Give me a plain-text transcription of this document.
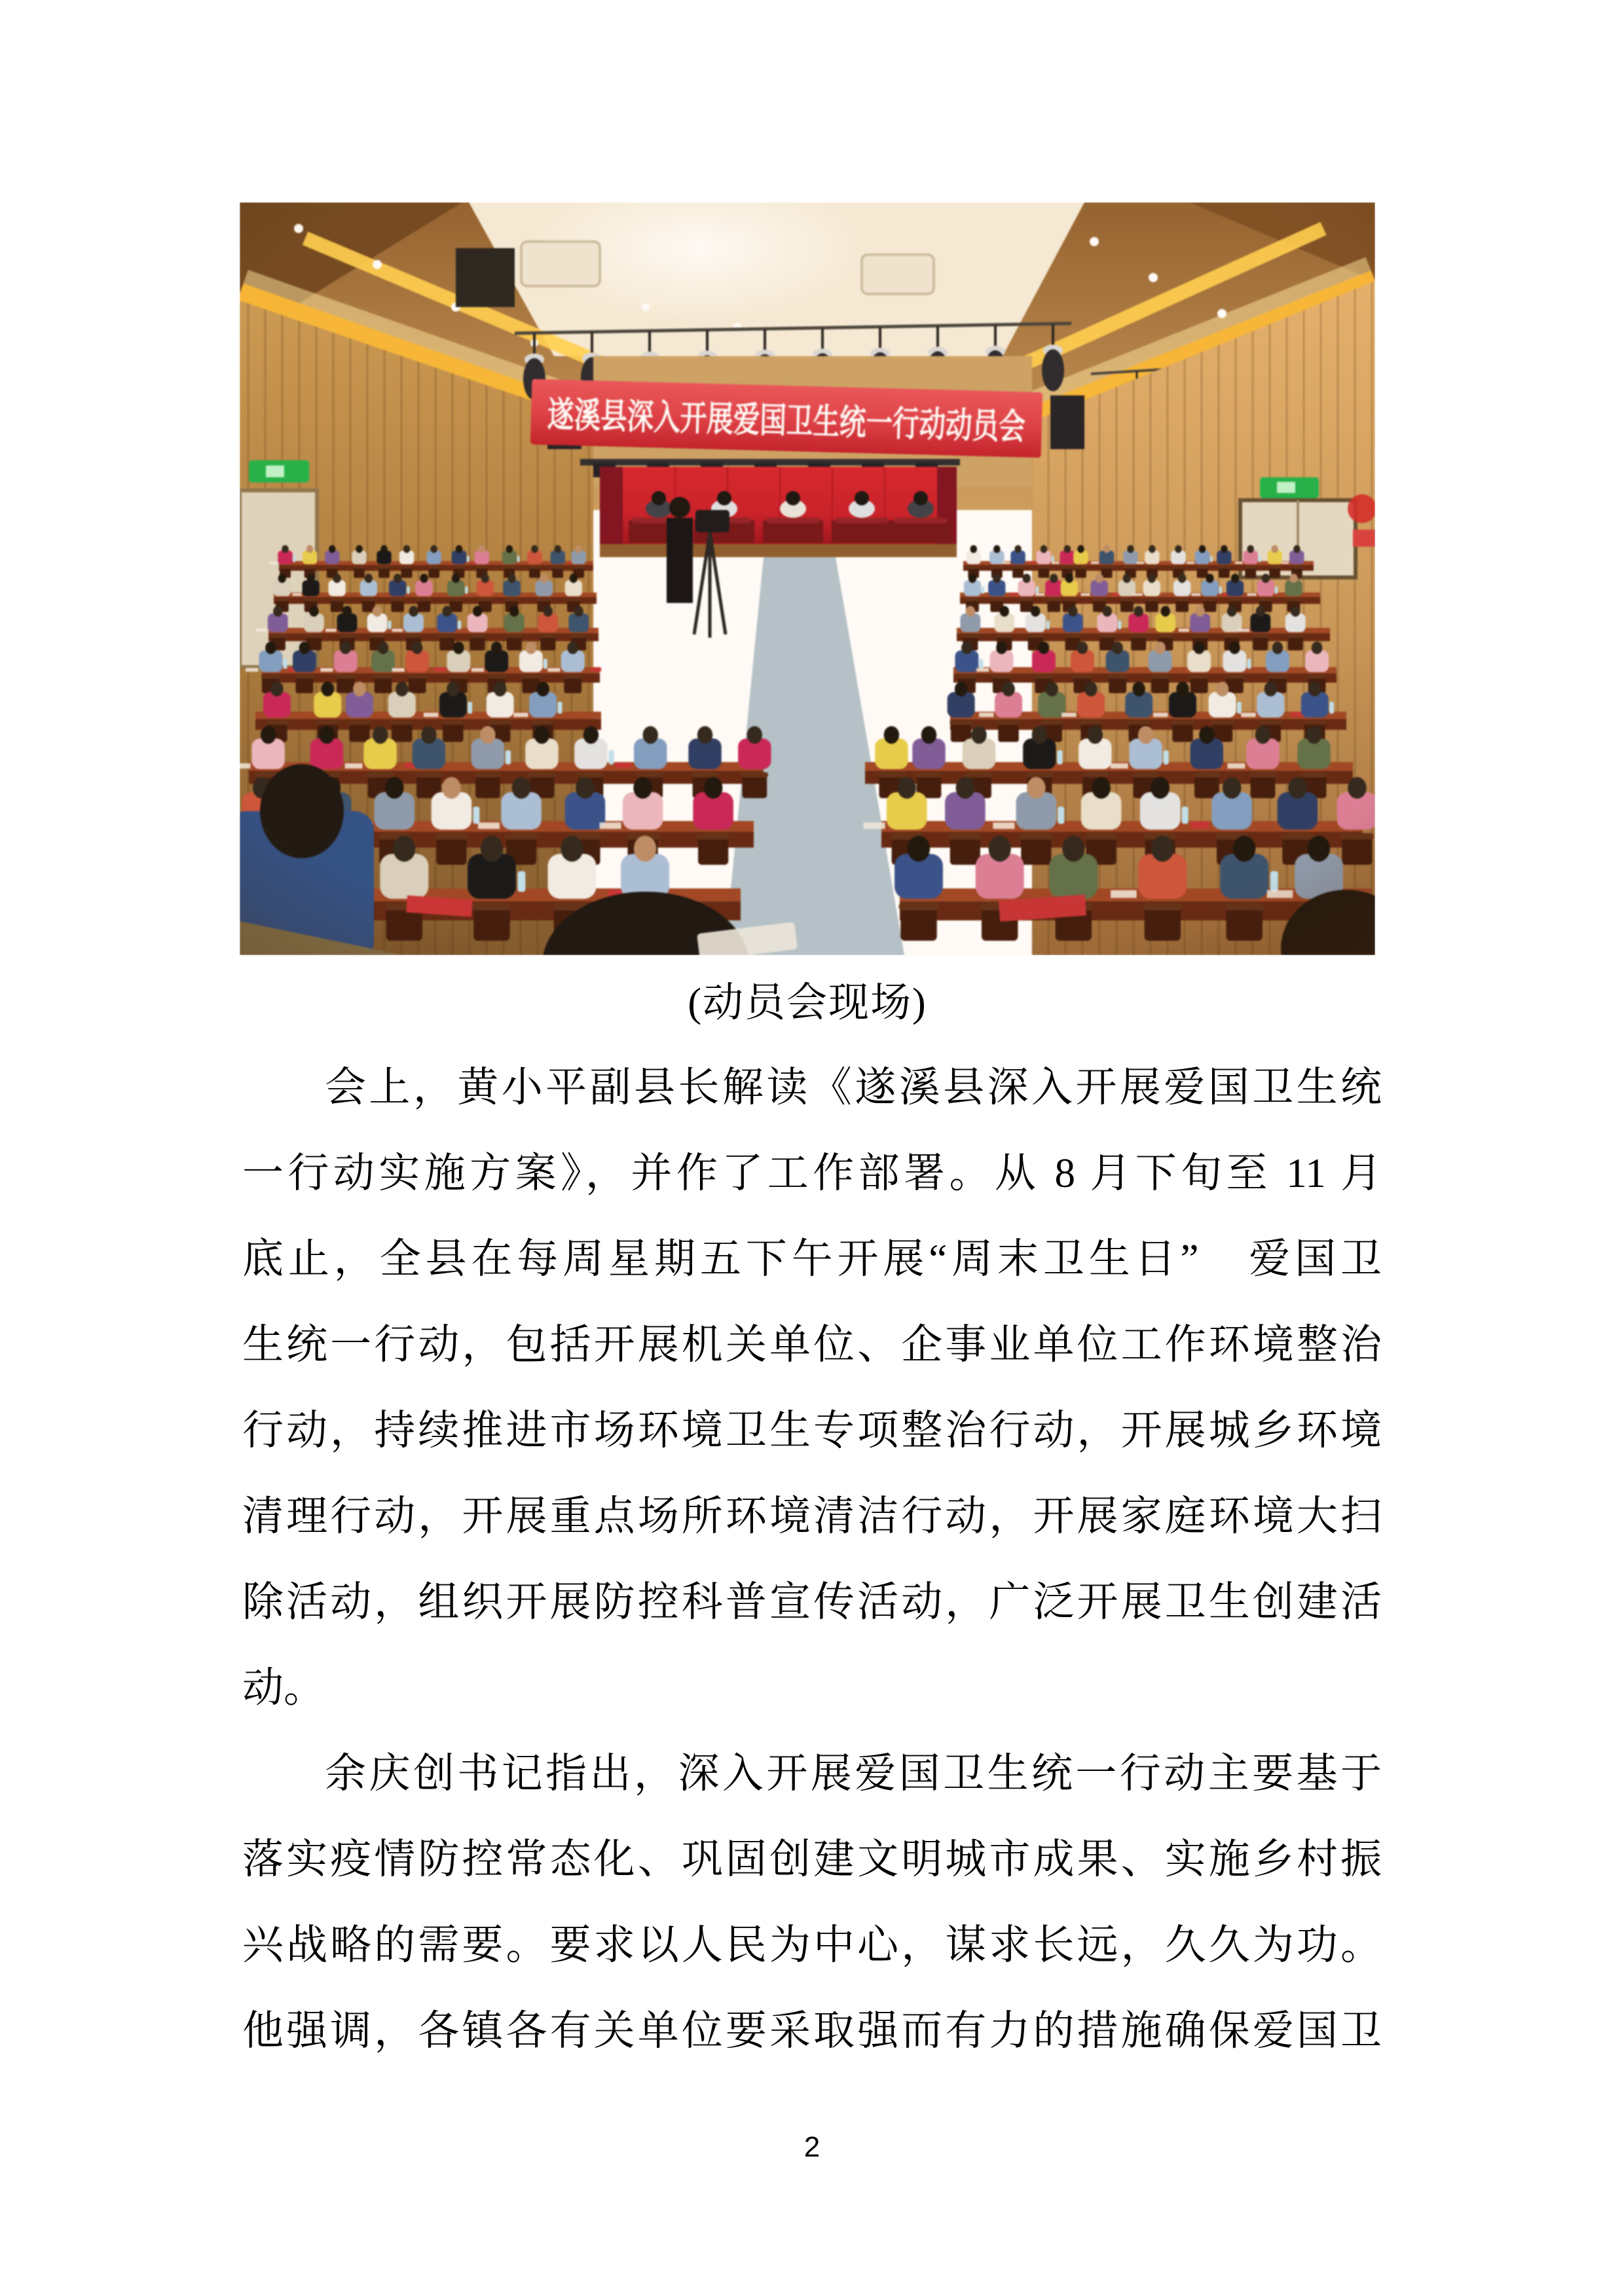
(动员会现场)
会上，黄小平副县长解读《遂溪县深入开展爱国卫生统
一行动实施方案》，并作了工作部署。从 8 月下旬至 11 月
底止，全县在每周星期五下午开展“周末卫生日”　爱国卫
生统一行动，包括开展机关单位、企事业单位工作环境整治
行动，持续推进市场环境卫生专项整治行动，开展城乡环境
清理行动，开展重点场所环境清洁行动，开展家庭环境大扫
除活动，组织开展防控科普宣传活动，广泛开展卫生创建活
动。
余庆创书记指出，深入开展爱国卫生统一行动主要基于
落实疫情防控常态化、巩固创建文明城市成果、实施乡村振
兴战略的需要。要求以人民为中心，谋求长远，久久为功。
他强调，各镇各有关单位要采取强而有力的措施确保爱国卫
2
